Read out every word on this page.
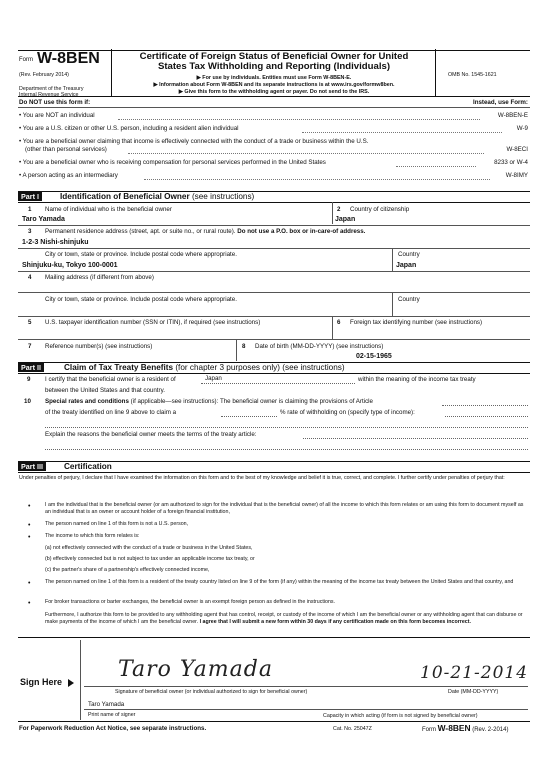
Form W-8BEN
(Rev. February 2014)
Department of the Treasury
Internal Revenue Service
Certificate of Foreign Status of Beneficial Owner for United
States Tax Withholding and Reporting (Individuals)
▶ For use by individuals. Entities must use Form W-8BEN-E.
▶ Information about Form W-8BEN and its separate instructions is at www.irs.gov/formw8ben.
▶ Give this form to the withholding agent or payer. Do not send to the IRS.
OMB No. 1545-1621
Do NOT use this form if:	Instead, use Form:
• You are NOT an individual	W-8BEN-E
• You are a U.S. citizen or other U.S. person, including a resident alien individual	W-9
• You are a beneficial owner claiming that income is effectively connected with the conduct of a trade or business within the U.S.
(other than personal services)	W-8ECI
• You are a beneficial owner who is receiving compensation for personal services performed in the United States	8233 or W-4
• A person acting as an intermediary	W-8IMY
Part I	Identification of Beneficial Owner (see instructions)
1 Name of individual who is the beneficial owner
Taro Yamada
2 Country of citizenship
Japan
3 Permanent residence address (street, apt. or suite no., or rural route). Do not use a P.O. box or in-care-of address.
1-2-3 Nishi-shinjuku
City or town, state or province. Include postal code where appropriate.
Shinjuku-ku, Tokyo 100-0001
Country
Japan
4 Mailing address (if different from above)
City or town, state or province. Include postal code where appropriate.	Country
5 U.S. taxpayer identification number (SSN or ITIN), if required (see instructions)	6 Foreign tax identifying number (see instructions)
7 Reference number(s) (see instructions)	8 Date of birth (MM-DD-YYYY) (see instructions)
02-15-1965
Part II	Claim of Tax Treaty Benefits (for chapter 3 purposes only) (see instructions)
9 I certify that the beneficial owner is a resident of	Japan	within the meaning of the income tax treaty
between the United States and that country.
10 Special rates and conditions (if applicable—see instructions): The beneficial owner is claiming the provisions of Article
of the treaty identified on line 9 above to claim a	% rate of withholding on (specify type of income):
Explain the reasons the beneficial owner meets the terms of the treaty article:
Part III	Certification
Under penalties of perjury, I declare that I have examined the information on this form and to the best of my knowledge and belief it is true, correct, and complete. I further certify under penalties of perjury that:
•	I am the individual that is the beneficial owner (or am authorized to sign for the individual that is the beneficial owner) of all the income to which this form relates or am using this form to document myself as an individual that is an owner or account holder of a foreign financial institution,
•	The person named on line 1 of this form is not a U.S. person,
•	The income to which this form relates is:
(a) not effectively connected with the conduct of a trade or business in the United States,
(b) effectively connected but is not subject to tax under an applicable income tax treaty, or
(c) the partner's share of a partnership's effectively connected income,
•	The person named on line 1 of this form is a resident of the treaty country listed on line 9 of the form (if any) within the meaning of the income tax treaty between the United States and that country, and
•	For broker transactions or barter exchanges, the beneficial owner is an exempt foreign person as defined in the instructions.
Furthermore, I authorize this form to be provided to any withholding agent that has control, receipt, or custody of the income of which I am the beneficial owner or any withholding agent that can disburse or make payments of the income of which I am the beneficial owner. I agree that I will submit a new form within 30 days if any certification made on this form becomes incorrect.
Sign Here	Taro Yamada	10-21-2014
Signature of beneficial owner (or individual authorized to sign for beneficial owner)	Date (MM-DD-YYYY)
Taro Yamada
Print name of signer	Capacity in which acting (if form is not signed by beneficial owner)
For Paperwork Reduction Act Notice, see separate instructions.	Cat. No. 25047Z	Form W-8BEN (Rev. 2-2014)
